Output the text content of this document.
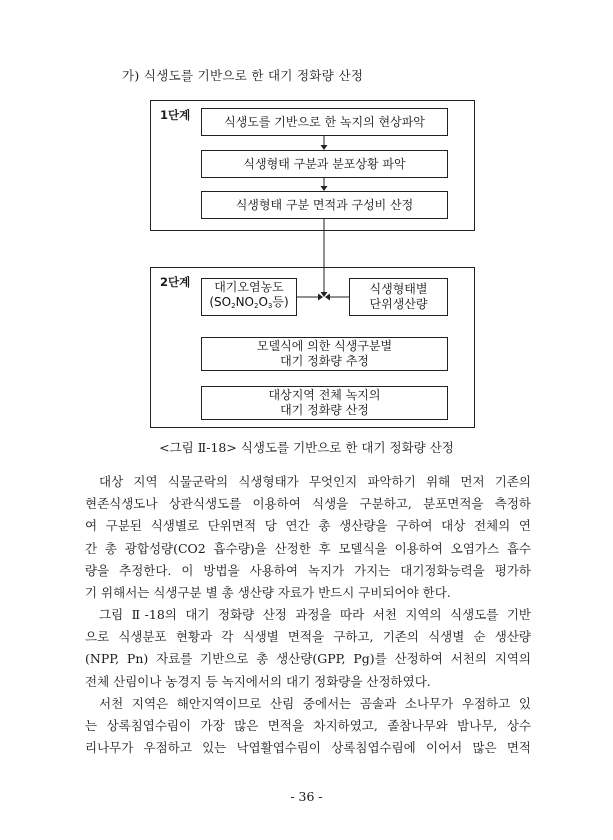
가) 식생도를 기반으로 한 대기 정화량 산정
1단계	식생도를 기반으로 한 녹지의 현상파악
식생형태 구분과 분포상황 파악
식생형태 구분 면적과 구성비 산정
2단계 대기오염농도
($SO_2NO_2O_3$등)
식생형태별
단위생산량
모델식에 의한 식생구분별
대기 정화량 추정
대상지역 전체 녹지의
대기 정화량 산정
<그림 Ⅱ-18> 식생도를 기반으로 한 대기 정화량 산정
대상 지역 식물군락의 식생형태가 무엇인지 파악하기 위해 먼저 기존의
현존식생도나 상관식생도를 이용하여 식생을 구분하고, 분포면적을 측정하
여 구분된 식생별로 단위면적 당 연간 총 생산량을 구하여 대상 전체의 연
간 총 광합성량(CO2 흡수량)을 산정한 후 모델식을 이용하여 오염가스 흡수
량을 추정한다. 이 방법을 사용하여 녹지가 가지는 대기정화능력을 평가하
기 위해서는 식생구분 별 총 생산량 자료가 반드시 구비되어야 한다.
그림 Ⅱ-18의 대기 정화량 산정 과정을 따라 서천 지역의 식생도를 기반
으로 식생분포 현황과 각 식생별 면적을 구하고, 기존의 식생별 순 생산량
(NPP, Pn) 자료를 기반으로 총 생산량(GPP, Pg)를 산정하여 서천의 지역의
전체 산림이나 농경지 등 녹지에서의 대기 정화량을 산정하였다.
서천 지역은 해안지역이므로 산림 중에서는 곰솔과 소나무가 우점하고 있
는 상록침엽수림이 가장 많은 면적을 차지하였고, 졸참나무와 밤나무, 상수
리나무가 우점하고 있는 낙엽활엽수림이 상록침엽수림에 이어서 많은 면적
- 36 -
